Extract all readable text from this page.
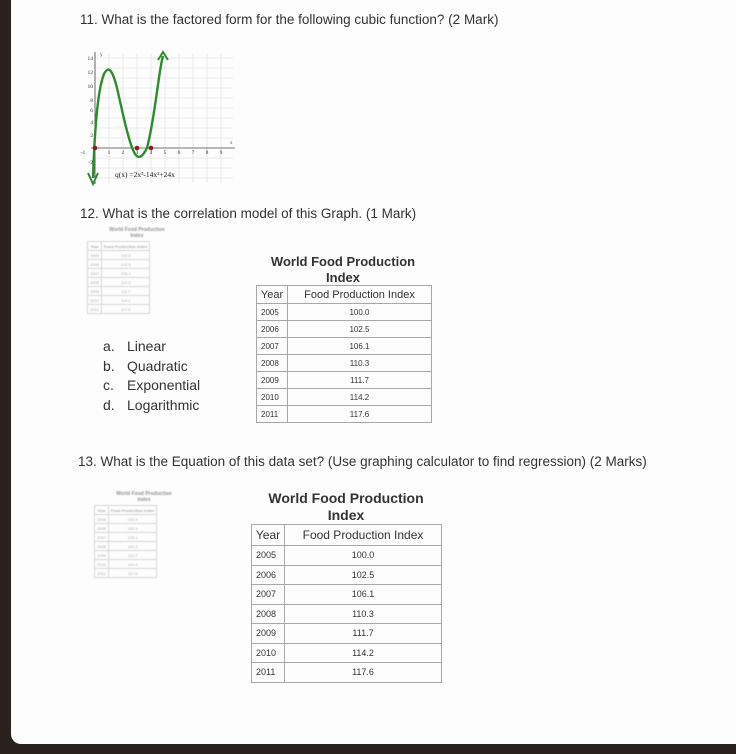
11. What is the factored form for the following cubic function? (2 Mark)
y
x
14
12
10
8
6
4
2
-2
-1	1 2 3 4 5 6 7 8 9
q(x) =2x³-14x²+24x
12. What is the correlation model of this Graph. (1 Mark)
World Food Production
Index
Year	Food Production Index
2005	100.0
2006	102.5
2007	106.1
2008	110.3
2009	111.7
2010	114.2
2011	117.6
World Food Production
Index
Year	Food Production Index
2005	100.0
2006	102.5
2007	106.1
2008	110.3
2009	111.7
2010	114.2
2011	117.6
a. Linear
b. Quadratic
c. Exponential
d. Logarithmic
13. What is the Equation of this data set? (Use graphing calculator to find regression) (2 Marks)
World Food Production
Index
Year	Food Production Index
2005	100.0
2006	102.5
2007	106.1
2008	110.3
2009	111.7
2010	114.2
2011	117.6
World Food Production
Index
Year	Food Production Index
2005	100.0
2006	102.5
2007	106.1
2008	110.3
2009	111.7
2010	114.2
2011	117.6
